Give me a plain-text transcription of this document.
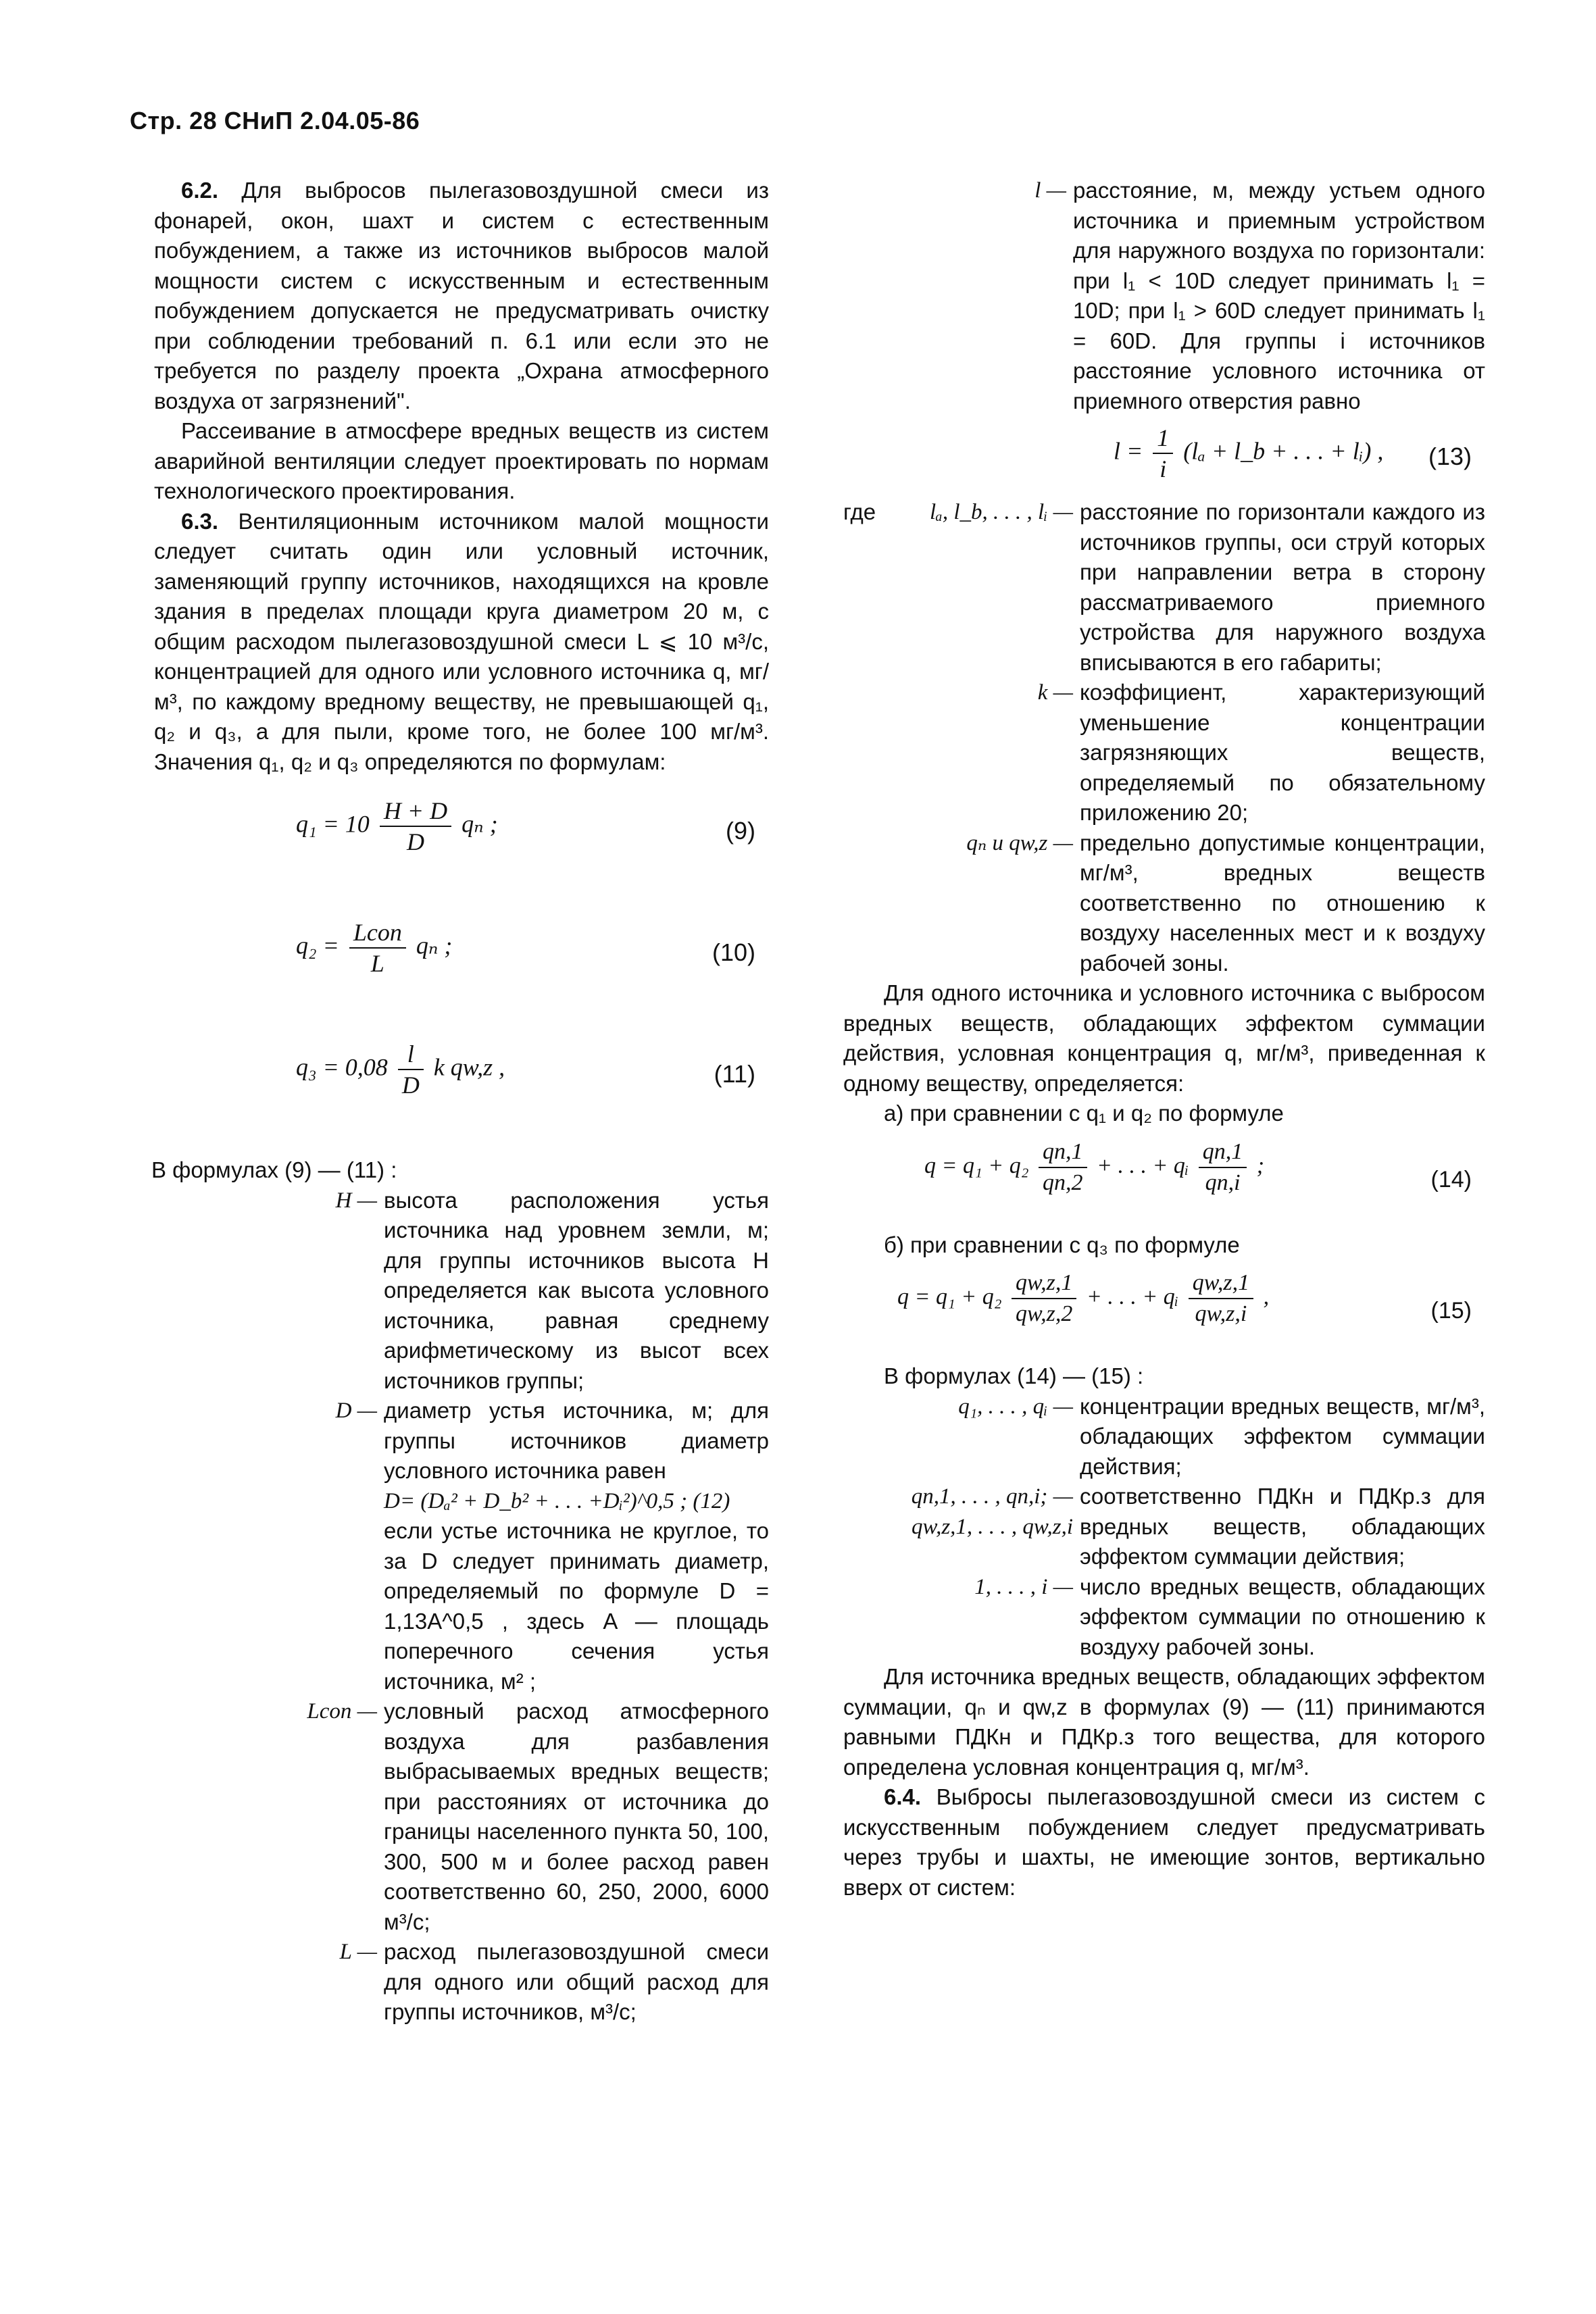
Стр. 28 СНиП 2.04.05-86

6.2. Для выбросов пылегазовоздушной смеси из фонарей, окон, шахт и систем с естественным побуждением, а также из источников выбросов малой мощности систем с искусственным и естественным побуждением допускается не предусматривать очистку при соблюдении требований п. 6.1 или если это не требуется по разделу проекта „Охрана атмосферного воздуха от загрязнений".

Рассеивание в атмосфере вредных веществ из систем аварийной вентиляции следует проектировать по нормам технологического проектирования.

6.3. Вентиляционным источником малой мощности следует считать один или условный источник, заменяющий группу источников, находящихся на кровле здания в пределах площади круга диаметром 20 м, с общим расходом пылегазовоздушной смеси L ⩽ 10 м³/с, концентрацией для одного или условного источника q, мг/м³, по каждому вредному веществу, не превышающей q₁, q₂ и q₃, а для пыли, кроме того, не более 100 мг/м³. Значения q₁, q₂ и q₃ определяются по формулам:

$q_1 = 10 \frac{H + D}{D}$ qₙ ;	(9)
$q_2 = \frac{\text{Lcon}}{L}$ qₙ ;	(10)
$q_3 = 0,08 \frac{l}{D}$ k qw,z ,	(11)

В формулах (9) — (11) :

H — высота расположения устья источника над уровнем земли, м; для группы источников высота H определяется как высота условного источника, равная среднему арифметическому из высот всех источников группы;
D — диаметр устья источника, м; для группы источников диаметр условного источника равен
D= (Dₐ² + D_b² + . . . +Dᵢ²)^0,5 ; (12)
если устье источника не круглое, то за D следует принимать диаметр, определяемый по формуле D = 1,13A^0,5 , здесь A — площадь поперечного сечения устья источника, м² ;
Lcon — условный расход атмосферного воздуха для разбавления выбрасываемых вредных веществ; при расстояниях от источника до границы населенного пункта 50, 100, 300, 500 м и более расход равен соответственно 60, 250, 2000, 6000 м³/с;
L — расход пылегазовоздушной смеси для одного или общий расход для группы источников, м³/с;
l — расстояние, м, между устьем одного источника и приемным устройством для наружного воздуха по горизонтали: при l₁ < 10D следует принимать l₁ = 10D; при l₁ > 60D следует принимать l₁ = 60D. Для группы i источников расстояние условного источника от приемного отверстия равно
$l = \frac{1}{i} (l_a$ + l_b + . . . + lᵢ) , (13)
где	lₐ, l_b, . . . , lᵢ — расстояние по горизонтали каждого из источников группы, оси струй которых при направлении ветра в сторону рассматриваемого приемного устройства для наружного воздуха вписываются в его габариты;
k — коэффициент, характеризующий уменьшение концентрации загрязняющих веществ, определяемый по обязательному приложению 20;
qₙ и qw,z — предельно допустимые концентрации, мг/м³, вредных веществ соответственно по отношению к воздуху населенных мест и к воздуху рабочей зоны.

Для одного источника и условного источника с выбросом вредных веществ, обладающих эффектом суммации действия, условная концентрация q, мг/м³, приведенная к одному веществу, определяется:

а) при сравнении с q₁ и q₂ по формуле

$q = q_1 + q_2 \frac{qn,1}{qn,2}$ + . . . + qᵢ $\frac{qn,1}{qn,i}$ ;
(14)

б) при сравнении с q₃ по формуле

$q = q_1 + q_2 \frac{qw,z,1}{qw,z,2}$ + . . . + qᵢ $\frac{qw,z,1}{qw,z,i}$ ,
(15)

В формулах (14) — (15) :

q₁, . . . , qᵢ — концентрации вредных веществ, мг/м³, обладающих эффектом суммации действия;
qn,1, . . . , qn,i; —
qw,z,1, . . . , qw,z,i
соответственно ПДКн и ПДКр.з для вредных веществ, обладающих эффектом суммации действия;
1, . . . , i — число вредных веществ, обладающих эффектом суммации по отношению к воздуху рабочей зоны.

Для источника вредных веществ, обладающих эффектом суммации, qₙ и qw,z в формулах (9) — (11) принимаются равными ПДКн и ПДКр.з того вещества, для которого определена условная концентрация q, мг/м³.

6.4. Выбросы пылегазовоздушной смеси из систем с искусственным побуждением следует предусматривать через трубы и шахты, не имеющие зонтов, вертикально вверх от систем:
